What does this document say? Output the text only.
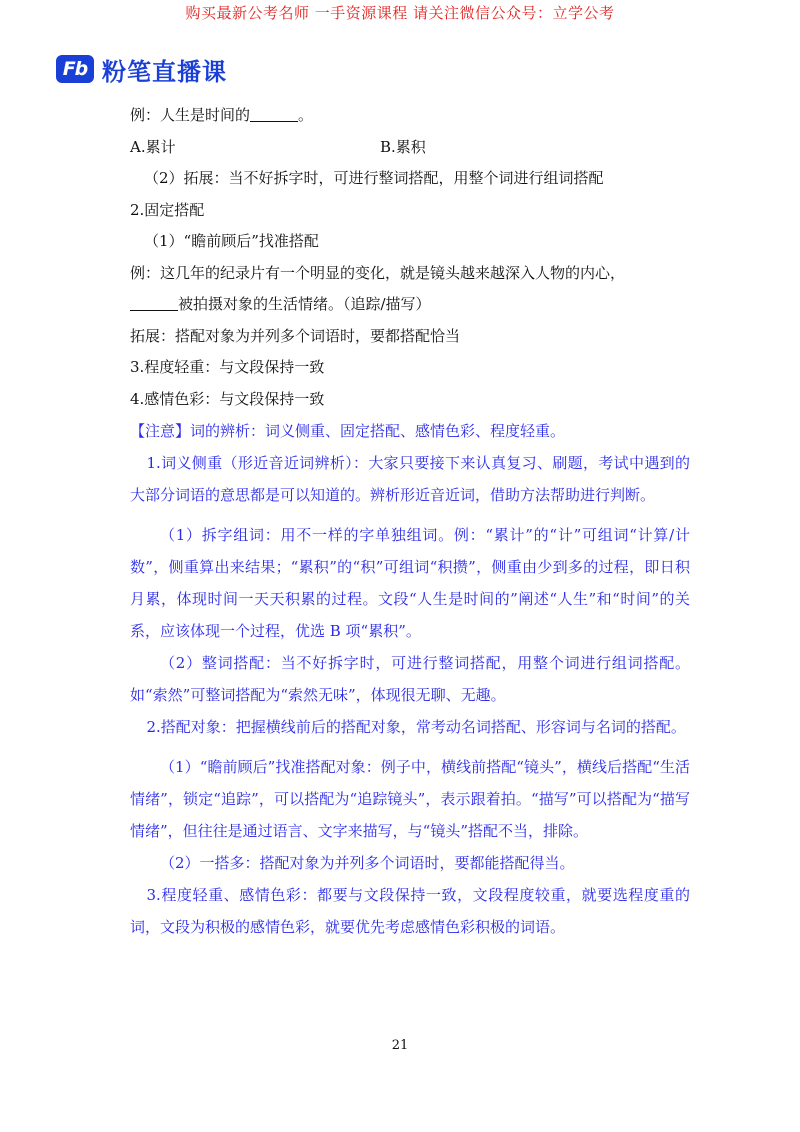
购买最新公考名师 一手资源课程 请关注微信公众号：立学公考
Fb 粉笔直播课
例：人生是时间的	。
A.累计	B.累积
（2）拓展：当不好拆字时，可进行整词搭配，用整个词进行组词搭配
2.固定搭配
（1）“瞻前顾后”找准搭配
例：这几年的纪录片有一个明显的变化，就是镜头越来越深入人物的内心，
被拍摄对象的生活情绪。（追踪/描写）
拓展：搭配对象为并列多个词语时，要都搭配恰当
3.程度轻重：与文段保持一致
4.感情色彩：与文段保持一致
【注意】词的辨析：词义侧重、固定搭配、感情色彩、程度轻重。

1.词义侧重（形近音近词辨析）：大家只要接下来认真复习、刷题，考试中遇到的大部分词语的意思都是可以知道的。辨析形近音近词，借助方法帮助进行判断。

（1）拆字组词：用不一样的字单独组词。例：“累计”的“计”可组词“计算/计数”，侧重算出来结果；“累积”的“积”可组词“积攒”，侧重由少到多的过程，即日积月累，体现时间一天天积累的过程。文段“人生是时间的”阐述“人生”和“时间”的关系，应该体现一个过程，优选 B 项“累积”。

（2）整词搭配：当不好拆字时，可进行整词搭配，用整个词进行组词搭配。如“索然”可整词搭配为“索然无味”，体现很无聊、无趣。

2.搭配对象：把握横线前后的搭配对象，常考动名词搭配、形容词与名词的搭配。

（1）“瞻前顾后”找准搭配对象：例子中，横线前搭配“镜头”，横线后搭配“生活情绪”，锁定“追踪”，可以搭配为“追踪镜头”，表示跟着拍。“描写”可以搭配为“描写情绪”，但往往是通过语言、文字来描写，与“镜头”搭配不当，排除。

（2）一搭多：搭配对象为并列多个词语时，要都能搭配得当。

3.程度轻重、感情色彩：都要与文段保持一致，文段程度较重，就要选程度重的词，文段为积极的感情色彩，就要优先考虑感情色彩积极的词语。

21
